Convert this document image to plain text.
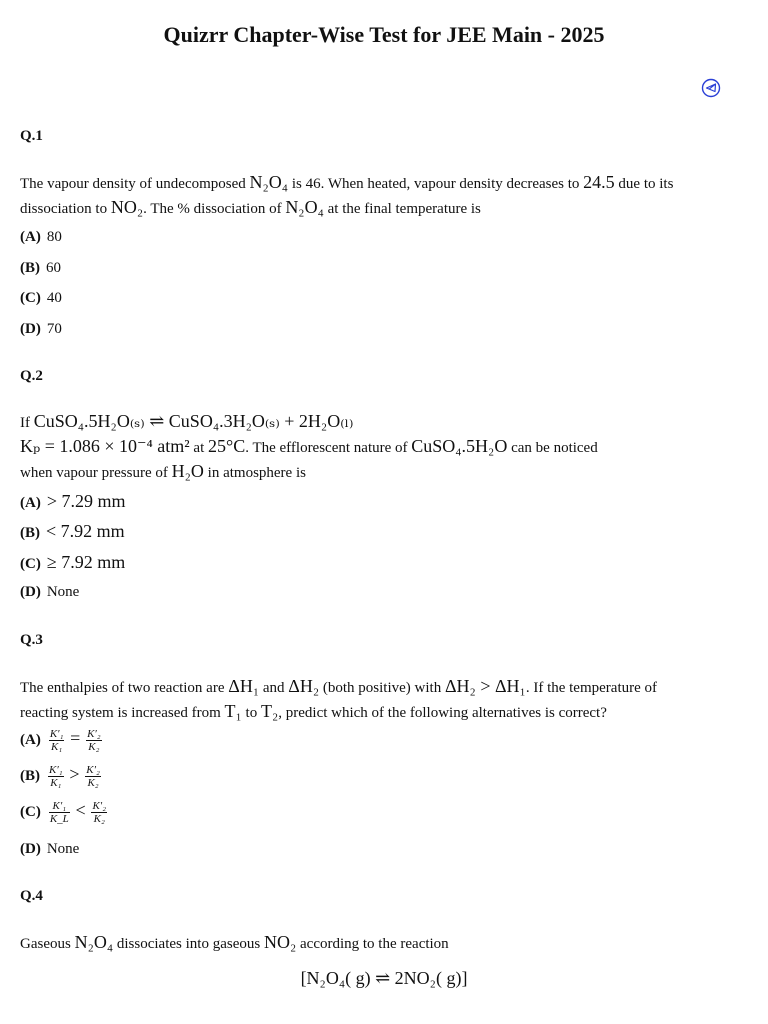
Quizrr Chapter-Wise Test for JEE Main - 2025
Q.1
The vapour density of undecomposed N₂O₄ is 46. When heated, vapour density decreases to 24.5 due to its
dissociation to NO₂. The % dissociation of N₂O₄ at the final temperature is
(A) 80
(B) 60
(C) 40
(D) 70
Q.2
If CuSO₄.5H₂O₍ₛ₎ ⇌ CuSO₄.3H₂O₍ₛ₎ + 2H₂O₍ₗ₎
Kₚ = 1.086 × 10⁻⁴ atm² at 25°C. The efflorescent nature of CuSO₄.5H₂O can be noticed
when vapour pressure of H₂O in atmosphere is
(A) > 7.29 mm
(B) < 7.92 mm
(C) ≥ 7.92 mm
(D) None
Q.3
The enthalpies of two reaction are ΔH₁ and ΔH₂ (both positive) with ΔH₂ > ΔH₁. If the temperature of
reacting system is increased from T₁ to T₂, predict which of the following alternatives is correct?
$(A) \frac{\text{K′₁}}{\text{K₁}} = \frac{\text{K′₂}}{\text{K₂}}$
$(B) \frac{\text{K′₁}}{\text{K₁}} > \frac{\text{K′₂}}{\text{K₂}}$
$(C) \frac{\text{K′₁}}{K\_L} < \frac{\text{K′₂}}{\text{K₂}}$
(D) None
Q.4
Gaseous N₂O₄ dissociates into gaseous NO₂ according to the reaction
[N₂O₄( g) ⇌ 2NO₂( g)]
